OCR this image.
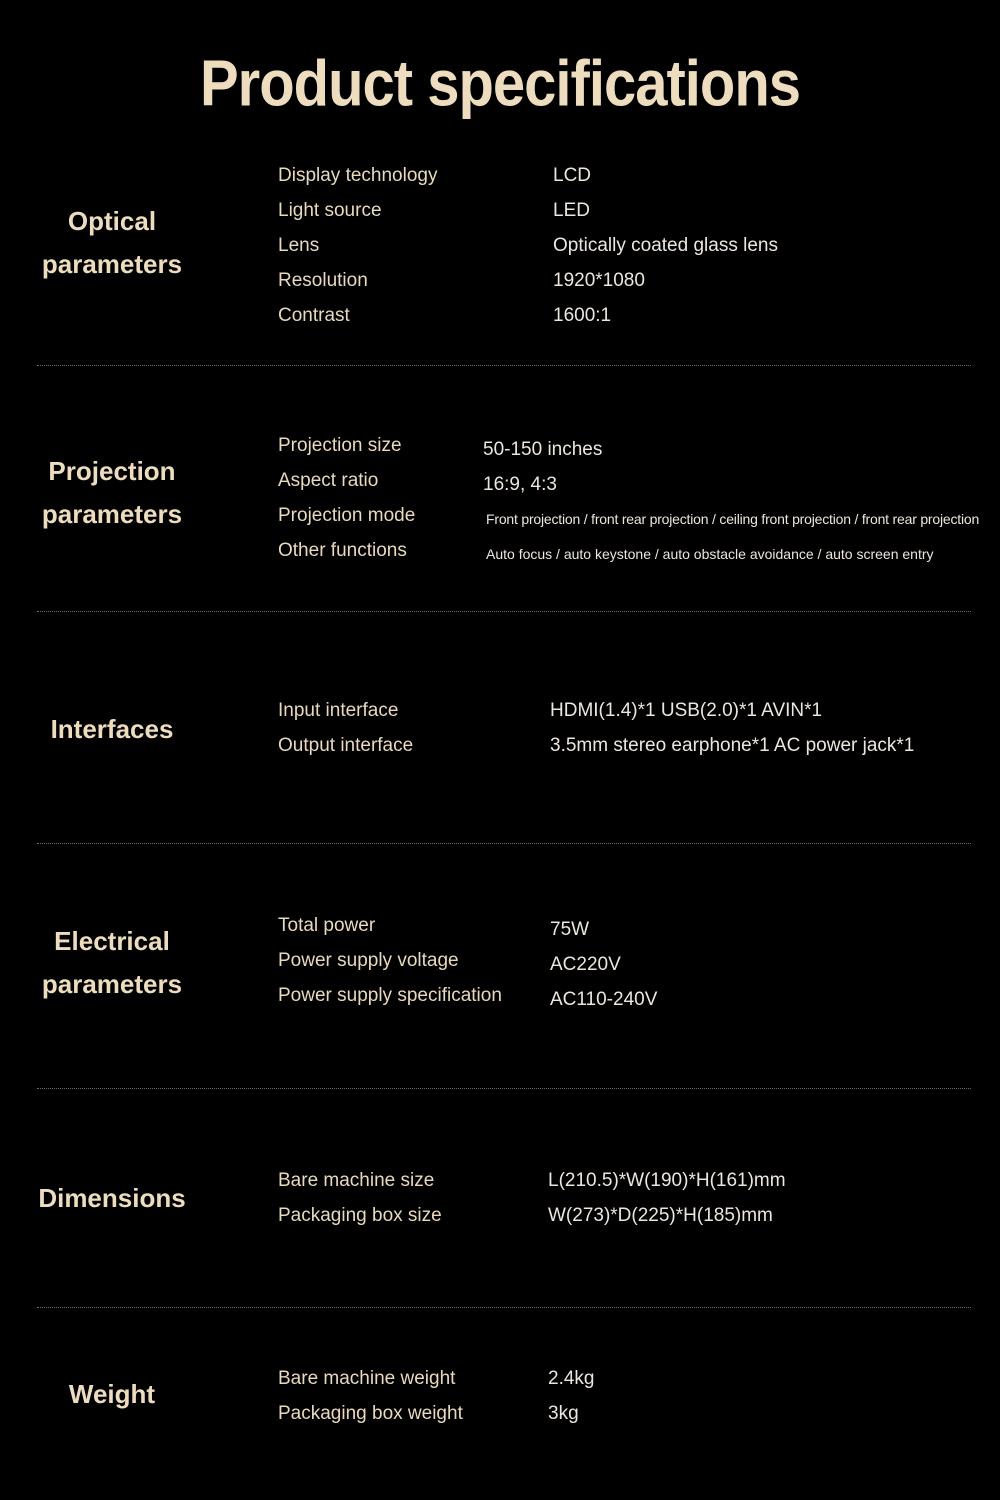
Product specifications
Optical parameters
Display technology	LCD
Light source	LED
Lens	Optically coated glass lens
Resolution	1920*1080
Contrast	1600:1
Projection parameters
Projection size	50-150 inches
Aspect ratio	16:9, 4:3
Projection mode	Front projection / front rear projection / ceiling front projection / front rear projection
Other functions	Auto focus / auto keystone / auto obstacle avoidance / auto screen entry
Interfaces
Input interface	HDMI(1.4)*1 USB(2.0)*1 AVIN*1
Output interface	3.5mm stereo earphone*1 AC power jack*1
Electrical parameters
Total power	75W
Power supply voltage	AC220V
Power supply specification	AC110-240V
Dimensions
Bare machine size	L(210.5)*W(190)*H(161)mm
Packaging box size	W(273)*D(225)*H(185)mm
Weight
Bare machine weight	2.4kg
Packaging box weight	3kg
